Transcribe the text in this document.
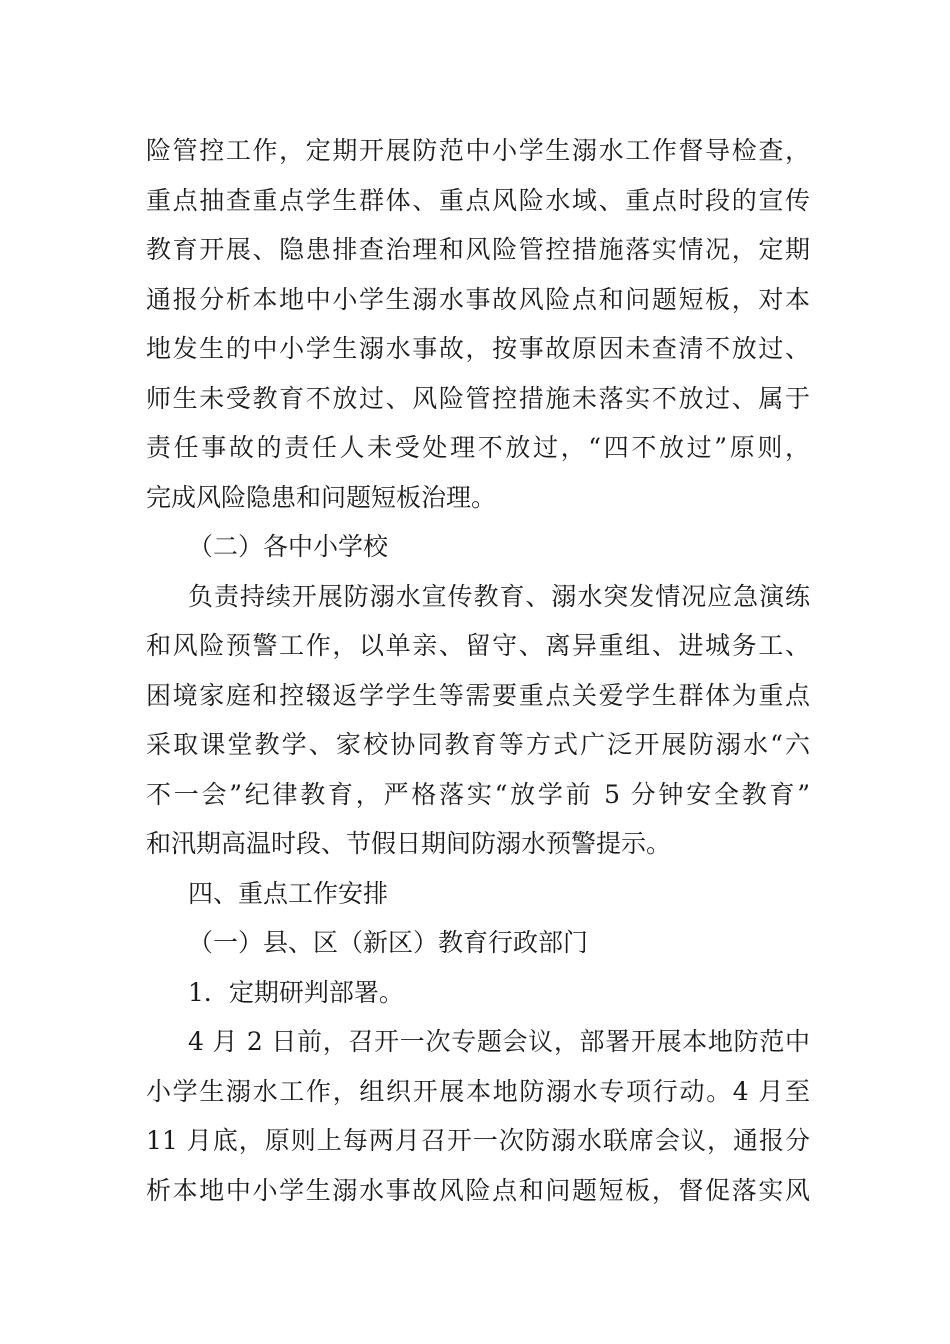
险管控工作，定期开展防范中小学生溺水工作督导检查，
重点抽查重点学生群体、重点风险水域、重点时段的宣传
教育开展、隐患排查治理和风险管控措施落实情况，定期
通报分析本地中小学生溺水事故风险点和问题短板，对本
地发生的中小学生溺水事故，按事故原因未查清不放过、
师生未受教育不放过、风险管控措施未落实不放过、属于
责任事故的责任人未受处理不放过，“四不放过”原则，
完成风险隐患和问题短板治理。
（二）各中小学校
负责持续开展防溺水宣传教育、溺水突发情况应急演练
和风险预警工作，以单亲、留守、离异重组、进城务工、
困境家庭和控辍返学学生等需要重点关爱学生群体为重点
采取课堂教学、家校协同教育等方式广泛开展防溺水“六
不一会”纪律教育，严格落实“放学前 5 分钟安全教育”
和汛期高温时段、节假日期间防溺水预警提示。
四、重点工作安排
（一）县、区（新区）教育行政部门
1．定期研判部署。
4 月 2 日前，召开一次专题会议，部署开展本地防范中
小学生溺水工作，组织开展本地防溺水专项行动。4 月至
11 月底，原则上每两月召开一次防溺水联席会议，通报分
析本地中小学生溺水事故风险点和问题短板，督促落实风
